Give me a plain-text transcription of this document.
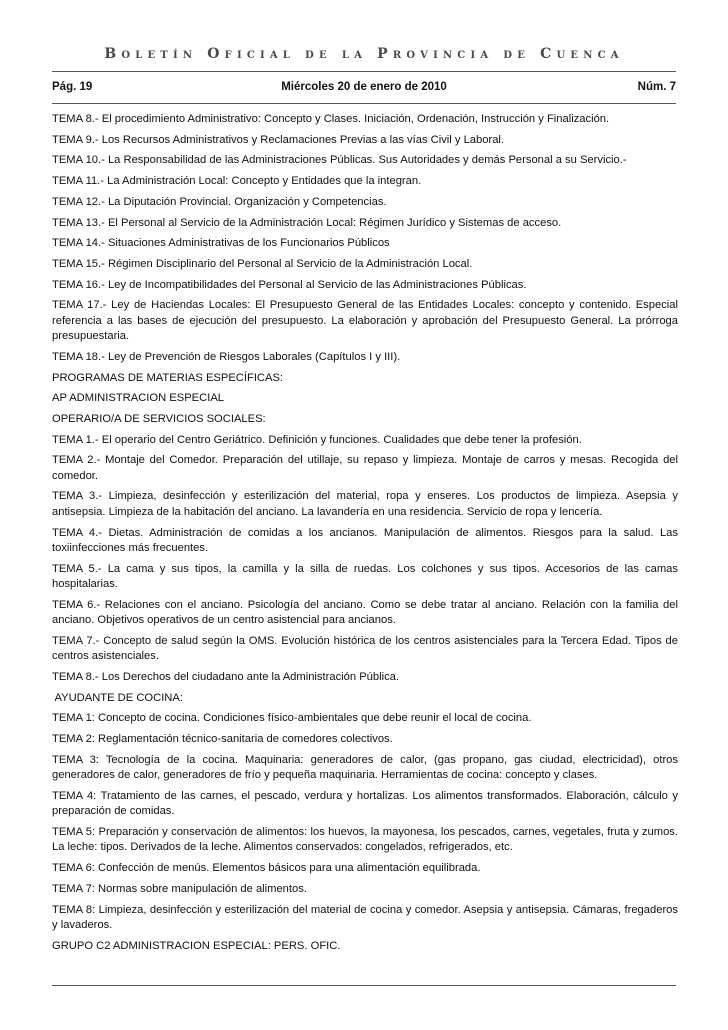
Boletín Oficial de la Provincia de Cuenca
Pág. 19	Miércoles 20 de enero de 2010	Núm. 7

TEMA 8.- El procedimiento Administrativo: Concepto y Clases. Iniciación, Ordenación, Instrucción y Finalización.

TEMA 9.- Los Recursos Administrativos y Reclamaciones Previas a las vías Civil y Laboral.

TEMA 10.- La Responsabilidad de las Administraciones Públicas. Sus Autoridades y demás Personal a su Servicio.-

TEMA 11.- La Administración Local: Concepto y Entidades que la integran.

TEMA 12.- La Diputación Provincial. Organización y Competencias.

TEMA 13.- El Personal al Servicio de la Administración Local: Régimen Jurídico y Sistemas de acceso.

TEMA 14.- Situaciones Administrativas de los Funcionarios Públicos

TEMA 15.- Régimen Disciplinario del Personal al Servicio de la Administración Local.

TEMA 16.- Ley de Incompatibilidades del Personal al Servicio de las Administraciones Públicas.

TEMA 17.- Ley de Haciendas Locales: El Presupuesto General de las Entidades Locales: concepto y contenido. Especial referencia a las bases de ejecución del presupuesto. La elaboración y aprobación del Presupuesto General. La prórroga presupuestaria.

TEMA 18.- Ley de Prevención de Riesgos Laborales (Capítulos I y III).

PROGRAMAS DE MATERIAS ESPECÍFICAS:

AP ADMINISTRACION ESPECIAL

OPERARIO/A DE SERVICIOS SOCIALES:

TEMA 1.- El operario del Centro Geriátrico. Definición y funciones. Cualidades que debe tener la profesión.

TEMA 2.- Montaje del Comedor. Preparación del utillaje, su repaso y limpieza. Montaje de carros y mesas. Recogida del comedor.

TEMA 3.- Limpieza, desinfección y esterilización del material, ropa y enseres. Los productos de limpieza. Asepsia y antisepsia. Limpieza de la habitación del anciano. La lavandería en una residencia. Servicio de ropa y lencería.

TEMA 4.- Dietas. Administración de comidas a los ancianos. Manipulación de alimentos. Riesgos para la salud. Las toxiinfecciones más frecuentes.

TEMA 5.- La cama y sus tipos, la camilla y la silla de ruedas. Los colchones y sus tipos. Accesorios de las camas hospitalarias.

TEMA 6.- Relaciones con el anciano. Psicología del anciano. Como se debe tratar al anciano. Relación con la familia del anciano. Objetivos operativos de un centro asistencial para ancianos.

TEMA 7.- Concepto de salud según la OMS. Evolución histórica de los centros asistenciales para la Tercera Edad. Tipos de centros asistenciales.

TEMA 8.- Los Derechos del ciudadano ante la Administración Pública.

AYUDANTE DE COCINA:

TEMA 1: Concepto de cocina. Condiciones físico-ambientales que debe reunir el local de cocina.

TEMA 2: Reglamentación técnico-sanitaria de comedores colectivos.

TEMA 3: Tecnología de la cocina. Maquinaria: generadores de calor, (gas propano, gas ciudad, electricidad), otros generadores de calor, generadores de frío y pequeña maquinaria. Herramientas de cocina: concepto y clases.

TEMA 4: Tratamiento de las carnes, el pescado, verdura y hortalizas. Los alimentos transformados. Elaboración, cálculo y preparación de comidas.

TEMA 5: Preparación y conservación de alimentos: los huevos, la mayonesa, los pescados, carnes, vegetales, fruta y zumos. La leche: tipos. Derivados de la leche. Alimentos conservados: congelados, refrigerados, etc.

TEMA 6: Confección de menús. Elementos básicos para una alimentación equilibrada.

TEMA 7: Normas sobre manipulación de alimentos.

TEMA 8: Limpieza, desinfección y esterilización del material de cocina y comedor. Asepsia y antisepsia. Cámaras, fregaderos y lavaderos.

GRUPO C2 ADMINISTRACION ESPECIAL: PERS. OFIC.
